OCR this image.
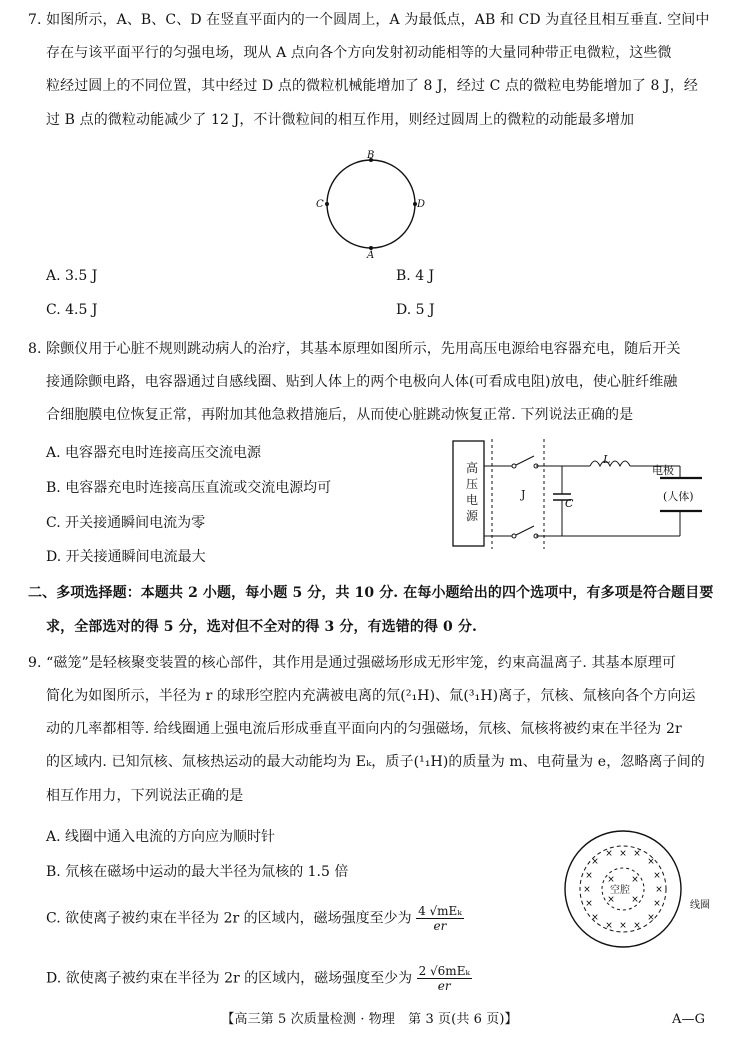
7. 如图所示，A、B、C、D 在竖直平面内的一个圆周上，A 为最低点，AB 和 CD 为直径且相互垂直. 空间中
存在与该平面平行的匀强电场，现从 A 点向各个方向发射初动能相等的大量同种带正电微粒，这些微
粒经过圆上的不同位置，其中经过 D 点的微粒机械能增加了 8 J，经过 C 点的微粒电势能增加了 8 J，经
过 B 点的微粒动能减少了 12 J，不计微粒间的相互作用，则经过圆周上的微粒的动能最多增加
B
C	D
A
A. 3.5 J	B. 4 J
C. 4.5 J	D. 5 J
8. 除颤仪用于心脏不规则跳动病人的治疗，其基本原理如图所示，先用高压电源给电容器充电，随后开关
接通除颤电路，电容器通过自感线圈、贴到人体上的两个电极向人体(可看成电阻)放电，使心脏纤维融
合细胞膜电位恢复正常，再附加其他急救措施后，从而使心脏跳动恢复正常. 下列说法正确的是
A. 电容器充电时连接高压交流电源
B. 电容器充电时连接高压直流或交流电源均可
C. 开关接通瞬间电流为零
D. 开关接通瞬间电流最大
高
压
电
源
J
C
L
电极
(人体)
二、多项选择题：本题共 2 小题，每小题 5 分，共 10 分. 在每小题给出的四个选项中，有多项是符合题目要
求，全部选对的得 5 分，选对但不全对的得 3 分，有选错的得 0 分.
9. “磁笼”是轻核聚变装置的核心部件，其作用是通过强磁场形成无形牢笼，约束高温离子. 其基本原理可
简化为如图所示，半径为 r 的球形空腔内充满被电离的氘(²₁H)、氚(³₁H)离子，氘核、氚核向各个方向运
动的几率都相等. 给线圈通上强电流后形成垂直平面向内的匀强磁场，氘核、氚核将被约束在半径为 2r
的区域内. 已知氘核、氚核热运动的最大动能均为 Eₖ，质子(¹₁H)的质量为 m、电荷量为 e，忽略离子间的
相互作用力，下列说法正确的是
A. 线圈中通入电流的方向应为顺时针
B. 氘核在磁场中运动的最大半径为氚核的 1.5 倍
C. 欲使离子被约束在半径为 2r 的区域内，磁场强度至少为 $\frac{\text{4 √mEₖ}}{er}$
D. 欲使离子被约束在半径为 2r 的区域内，磁场强度至少为 $\frac{\text{2 √6mEₖ}}{er}$
×
× × ×
×
×	×
×	×
×	×
×
× × ×
×
× ×
× ×
空腔
线圈
【高三第 5 次质量检测 · 物理　第 3 页(共 6 页)】	A—G
